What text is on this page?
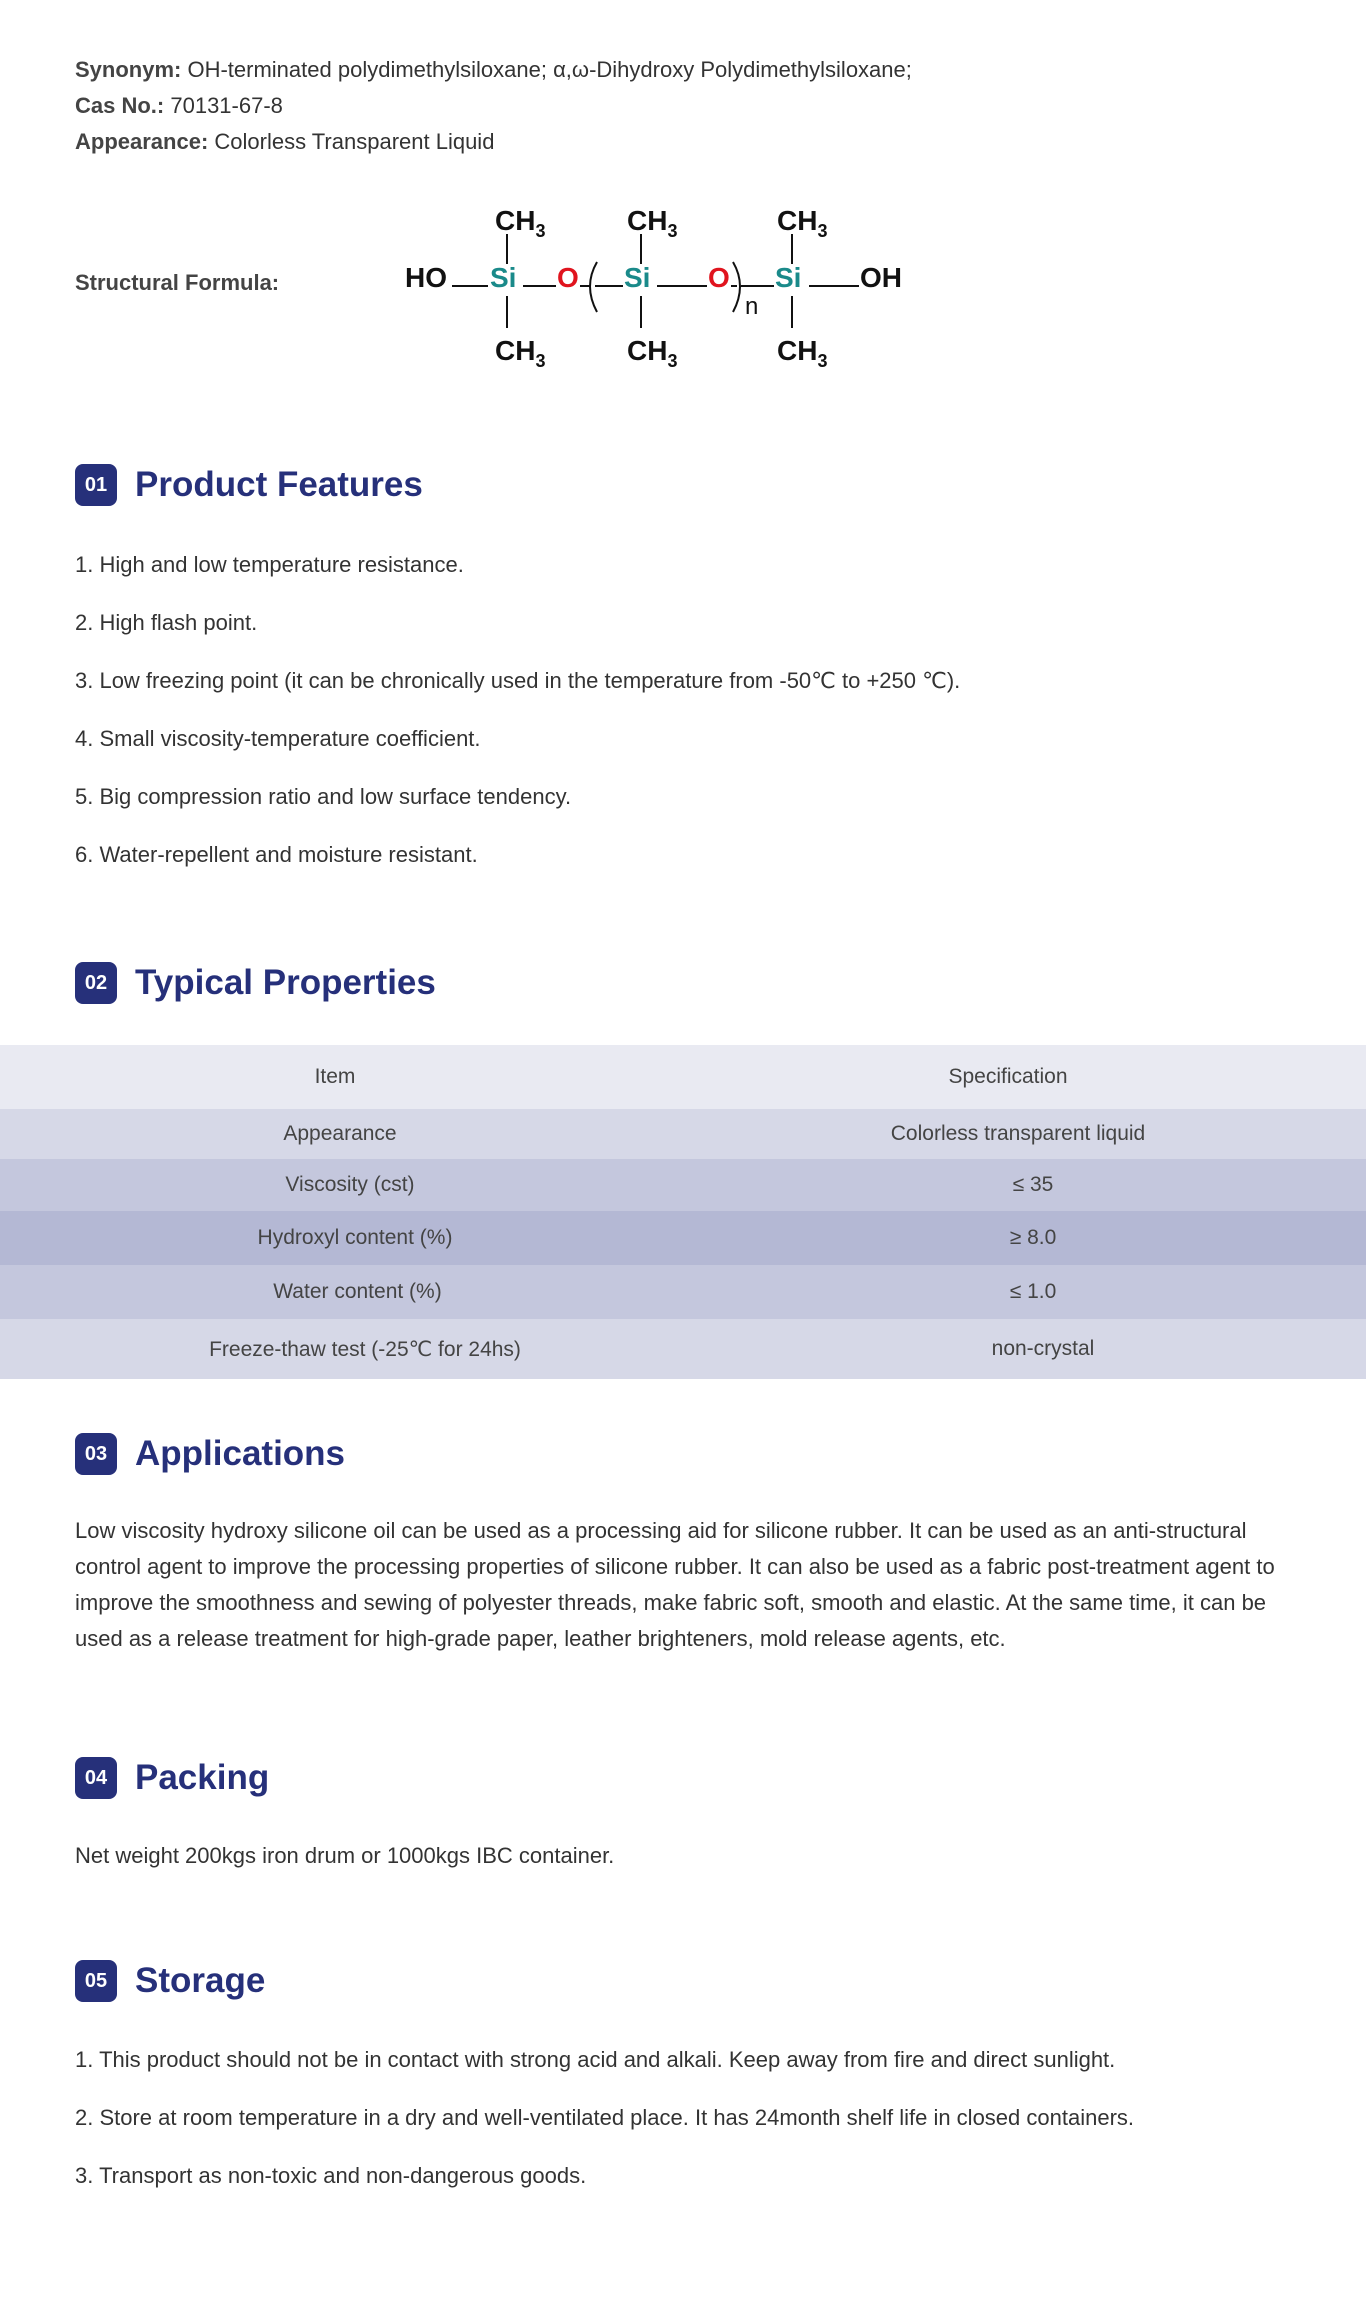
Synonym: OH-terminated polydimethylsiloxane; α,ω-Dihydroxy Polydimethylsiloxane;
Cas No.: 70131-67-8
Appearance: Colorless Transparent Liquid
Structural Formula:	HO Si
$CH_3$
$CH_3$
O Si
$CH_3$
$CH_3$
O
n
Si
$CH_3$
$CH_3$
OH
01 Product Features
1. High and low temperature resistance.
2. High flash point.
3. Low freezing point (it can be chronically used in the temperature from -50℃ to +250 ℃).
4. Small viscosity-temperature coefficient.
5. Big compression ratio and low surface tendency.
6. Water-repellent and moisture resistant.
02 Typical Properties
Item	Specification
Appearance	Colorless transparent liquid
Viscosity (cst)	≤ 35
Hydroxyl content (%)	≥ 8.0
Water content (%)	≤ 1.0
Freeze-thaw test (-25℃ for 24hs)	non-crystal
03 Applications
Low viscosity hydroxy silicone oil can be used as a processing aid for silicone rubber. It can be used as an anti-structural control agent to improve the processing properties of silicone rubber. It can also be used as a fabric post-treatment agent to improve the smoothness and sewing of polyester threads, make fabric soft, smooth and elastic. At the same time, it can be used as a release treatment for high-grade paper, leather brighteners, mold release agents, etc.
04 Packing
Net weight 200kgs iron drum or 1000kgs IBC container.
05 Storage
1. This product should not be in contact with strong acid and alkali. Keep away from fire and direct sunlight.
2. Store at room temperature in a dry and well-ventilated place. It has 24month shelf life in closed containers.
3. Transport as non-toxic and non-dangerous goods.
